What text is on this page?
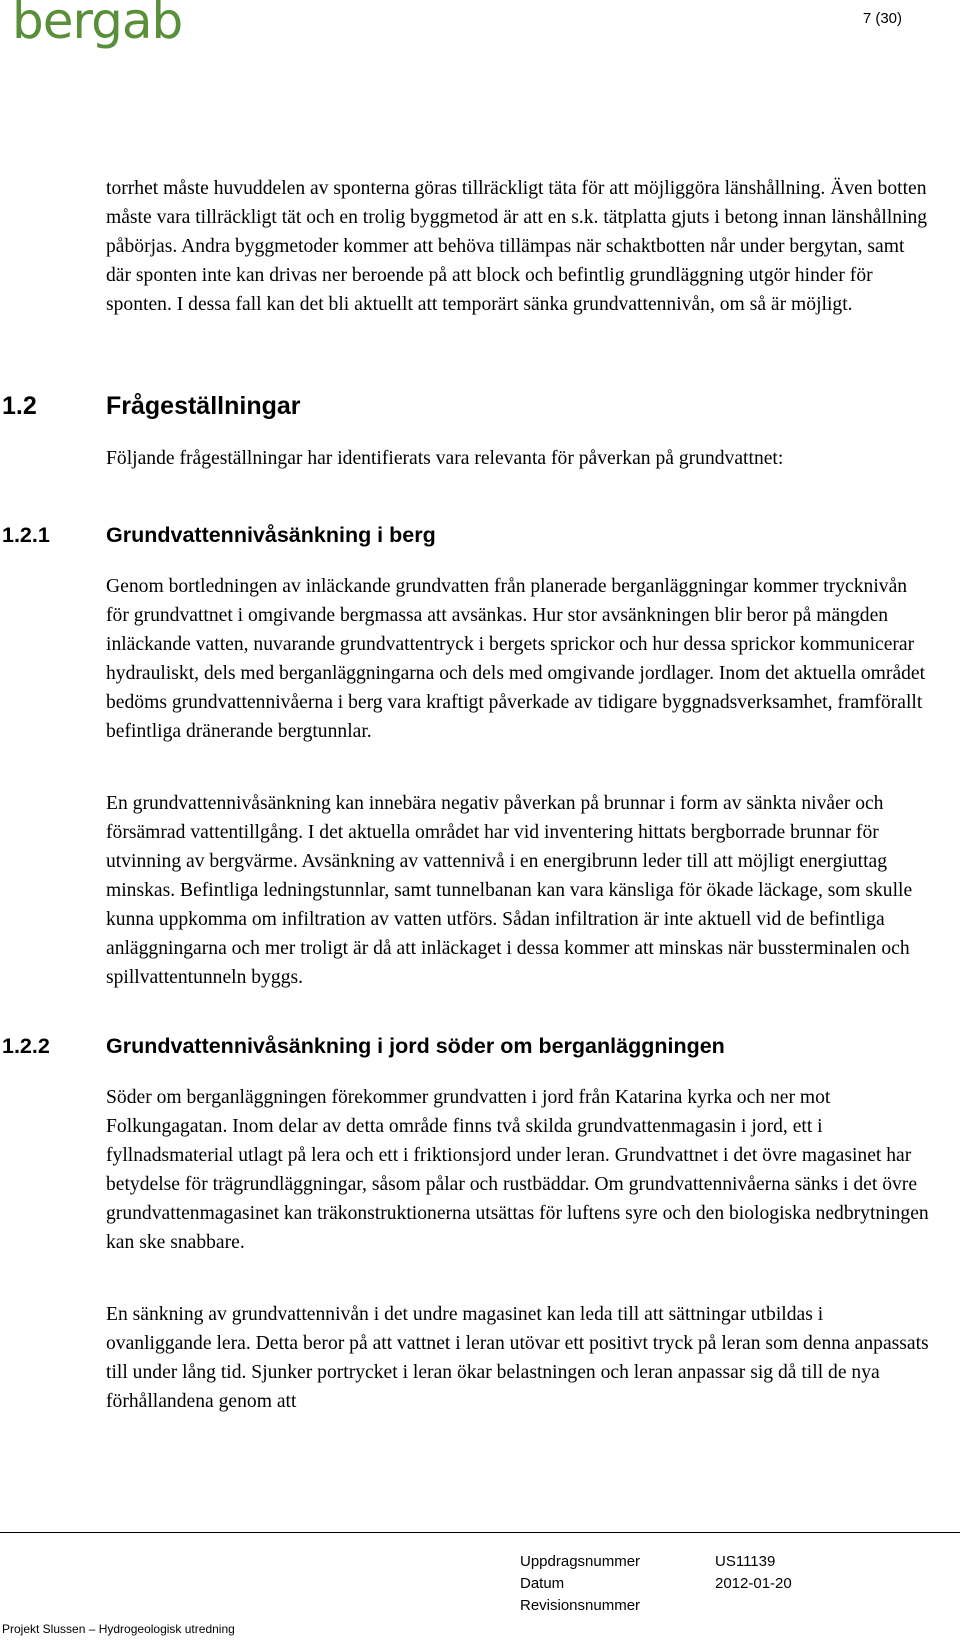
bergab	7 (30)

torrhet måste huvuddelen av sponterna göras tillräckligt täta för att möjliggöra länshållning. Även botten måste vara tillräckligt tät och en trolig byggmetod är att en s.k. tätplatta gjuts i betong innan länshållning påbörjas. Andra byggmetoder kommer att behöva tillämpas när schaktbotten når under bergytan, samt där sponten inte kan drivas ner beroende på att block och befintlig grundläggning utgör hinder för sponten. I dessa fall kan det bli aktuellt att temporärt sänka grundvattennivån, om så är möjligt.

1.2	Frågeställningar

Följande frågeställningar har identifierats vara relevanta för påverkan på grundvattnet:

1.2.1	Grundvattennivåsänkning i berg

Genom bortledningen av inläckande grundvatten från planerade berganläggningar kommer trycknivån för grundvattnet i omgivande bergmassa att avsänkas. Hur stor avsänkningen blir beror på mängden inläckande vatten, nuvarande grundvattentryck i bergets sprickor och hur dessa sprickor kommunicerar hydrauliskt, dels med berganläggningarna och dels med omgivande jordlager. Inom det aktuella området bedöms grundvattennivåerna i berg vara kraftigt påverkade av tidigare byggnadsverksamhet, framförallt befintliga dränerande bergtunnlar.

En grundvattennivåsänkning kan innebära negativ påverkan på brunnar i form av sänkta nivåer och försämrad vattentillgång. I det aktuella området har vid inventering hittats bergborrade brunnar för utvinning av bergvärme. Avsänkning av vattennivå i en energibrunn leder till att möjligt energiuttag minskas. Befintliga ledningstunnlar, samt tunnelbanan kan vara känsliga för ökade läckage, som skulle kunna uppkomma om infiltration av vatten utförs. Sådan infiltration är inte aktuell vid de befintliga anläggningarna och mer troligt är då att inläckaget i dessa kommer att minskas när bussterminalen och spillvattentunneln byggs.

1.2.2	Grundvattennivåsänkning i jord söder om berganläggningen

Söder om berganläggningen förekommer grundvatten i jord från Katarina kyrka och ner mot Folkungagatan. Inom delar av detta område finns två skilda grundvattenmagasin i jord, ett i fyllnadsmaterial utlagt på lera och ett i friktionsjord under leran. Grundvattnet i det övre magasinet har betydelse för trägrundläggningar, såsom pålar och rustbäddar. Om grundvattennivåerna sänks i det övre grundvattenmagasinet kan träkonstruktionerna utsättas för luftens syre och den biologiska nedbrytningen kan ske snabbare.

En sänkning av grundvattennivån i det undre magasinet kan leda till att sättningar utbildas i ovanliggande lera. Detta beror på att vattnet i leran utövar ett positivt tryck på leran som denna anpassats till under lång tid. Sjunker portrycket i leran ökar belastningen och leran anpassar sig då till de nya förhållandena genom att

Uppdragsnummer	US11139
Datum	2012-01-20
Revisionsnummer
Projekt Slussen – Hydrogeologisk utredning
